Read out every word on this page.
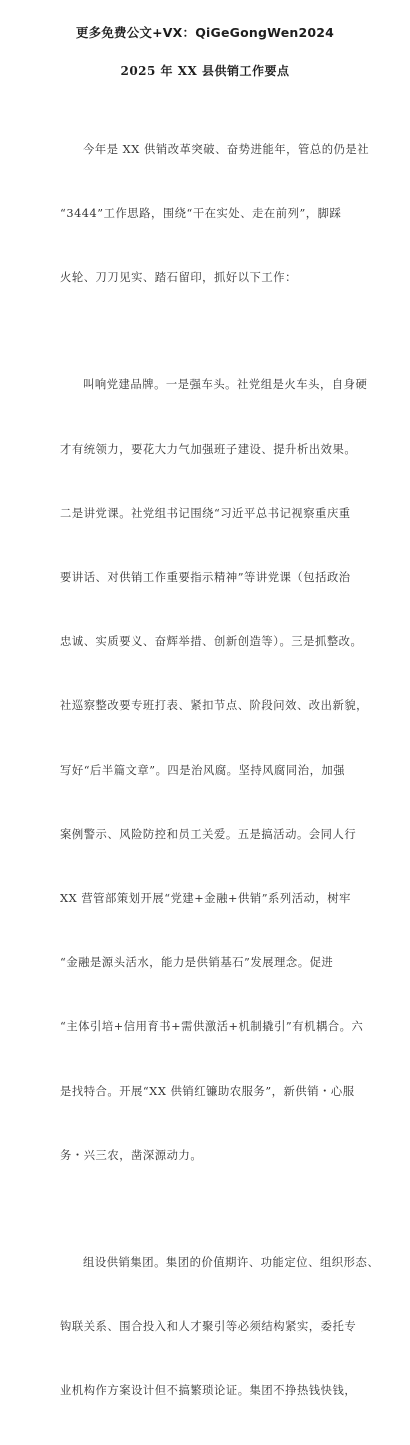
更多免费公文+VX：QiGeGongWen2024
2025 年 XX 县供销工作要点

今年是 XX 供销改革突破、奋势进能年，管总的仍是社

“3444”工作思路，围绕“干在实处、走在前列”，脚踩

火轮、刀刀见实、踏石留印，抓好以下工作：

叫响党建品牌。一是强车头。社党组是火车头，自身硬

才有统领力，要花大力气加强班子建设、提升析出效果。

二是讲党课。社党组书记围绕“习近平总书记视察重庆重

要讲话、对供销工作重要指示精神”等讲党课（包括政治

忠诚、实质要义、奋辉举措、创新创造等）。三是抓整改。

社巡察整改要专班打表、紧扣节点、阶段问效、改出新貌，

写好“后半篇文章”。四是治风腐。坚持风腐同治，加强

案例警示、风险防控和员工关爱。五是搞活动。会同人行

XX 营管部策划开展“党建+金融+供销”系列活动，树牢

“金融是源头活水，能力是供销基石”发展理念。促进

“主体引培+信用育书+需供激活+机制撬引”有机耦合。六

是找特合。开展“XX 供销红镰助农服务”，新供销・心服

务・兴三农，凿深源动力。

组设供销集团。集团的价值期许、功能定位、组织形态、

钩联关系、围合投入和人才聚引等必须结构紧实，委托专

业机构作方案设计但不搞繁琐论证。集团不挣热钱快钱，
